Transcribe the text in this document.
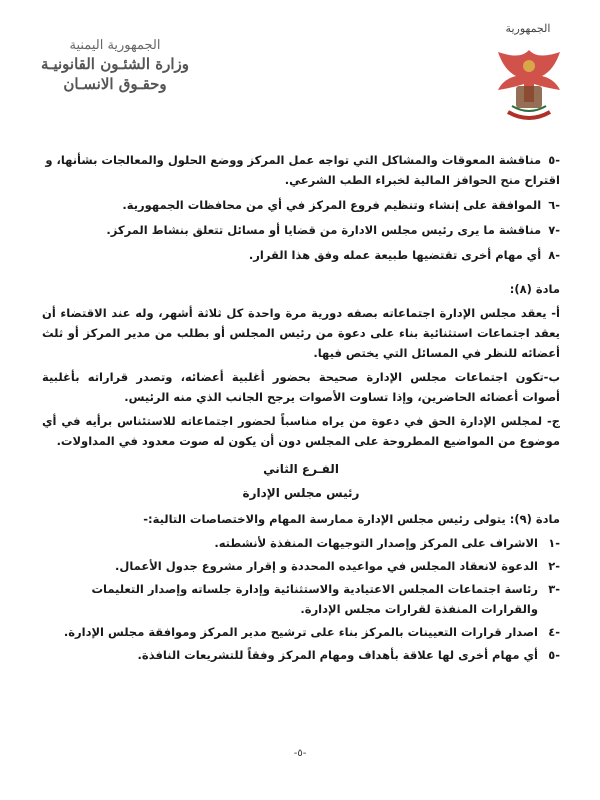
الجمهورية
الجمهورية اليمنية
وزارة الشئـون القانونيـة
وحقـوق الانسـان
-٥ مناقشة المعوقات والمشاكل التي تواجه عمل المركز ووضع الحلول والمعالجات بشأنها، و اقتراح منح الحوافز المالية لخبراء الطب الشرعي.
-٦ الموافقة على إنشاء وتنظيم فروع المركز في أي من محافظات الجمهورية.
-٧ مناقشة ما يرى رئيس مجلس الادارة من قضايا أو مسائل تتعلق بنشاط المركز.
-٨ أي مهام أخرى تقتضيها طبيعة عمله وفق هذا القرار.
مادة (٨):
أ- يعقد مجلس الإدارة اجتماعاته بصفه دورية مرة واحدة كل ثلاثة أشهر، وله عند الاقتضاء أن يعقد اجتماعات استثنائية بناء على دعوة من رئيس المجلس أو بطلب من مدير المركز أو ثلث أعضائه للنظر في المسائل التي يختص فيها.
ب-تكون اجتماعات مجلس الإدارة صحيحة بحضور أغلبية أعضائه، وتصدر قراراته بأغلبية أصوات أعضائه الحاضرين، وإذا تساوت الأصوات يرجح الجانب الذي منه الرئيس.
ج- لمجلس الإدارة الحق في دعوة من يراه مناسباً لحضور اجتماعاته للاستئناس برأيه في أي موضوع من المواضيع المطروحة على المجلس دون أن يكون له صوت معدود في المداولات.
الفـرع الثاني
رئيس مجلس الإدارة
مادة (٩): يتولى رئيس مجلس الإدارة ممارسة المهام والاختصاصات التالية:-
-١
الاشراف على المركز وإصدار التوجيهات المنفذة لأنشطته.
-٢
الدعوة لانعقاد المجلس في مواعيده المحددة و إقرار مشروع جدول الأعمال.
-٣
رئاسة اجتماعات المجلس الاعتيادية والاستثنائية وإدارة جلساته وإصدار التعليمات والقرارات المنفذة لقرارات مجلس الإدارة.
-٤
اصدار قرارات التعيينات بالمركز بناء على ترشيح مدير المركز وموافقة مجلس الإدارة.
-٥
أي مهام أخرى لها علاقة بأهداف ومهام المركز وفقاً للتشريعات النافذة.
-٥-
